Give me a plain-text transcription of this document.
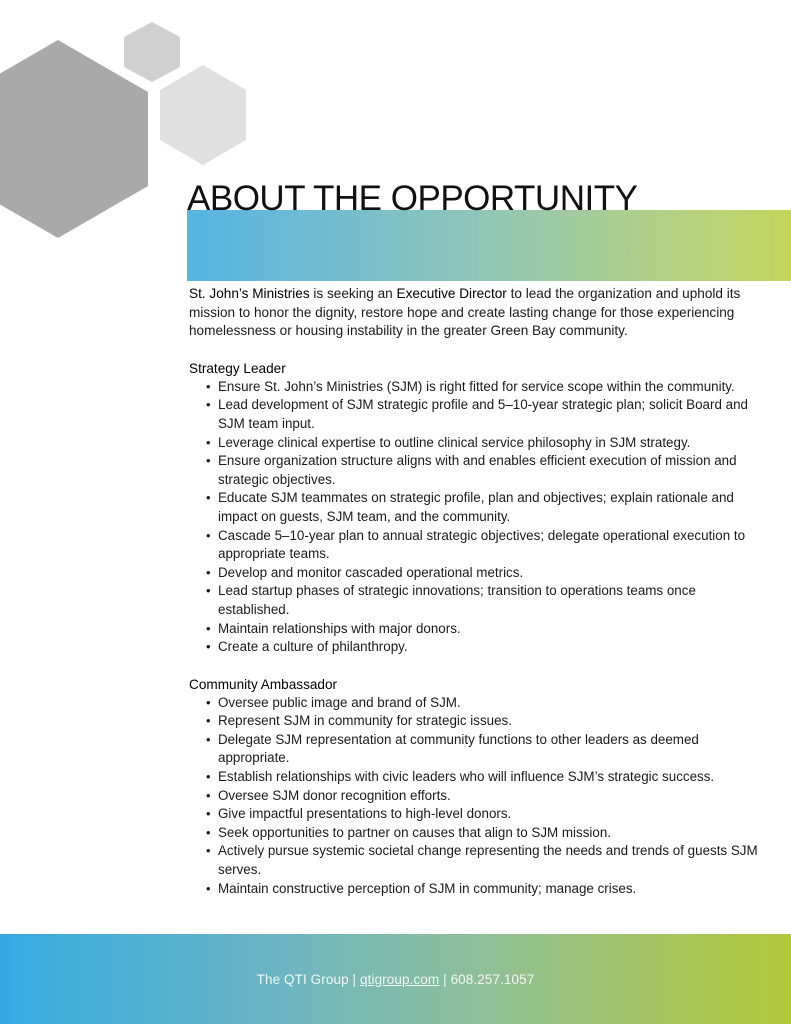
ABOUT THE OPPORTUNITY

St. John’s Ministries is seeking an Executive Director to lead the organization and uphold its mission to honor the dignity, restore hope and create lasting change for those experiencing homelessness or housing instability in the greater Green Bay community.

Strategy Leader
• Ensure St. John’s Ministries (SJM) is right fitted for service scope within the community.
• Lead development of SJM strategic profile and 5–10-year strategic plan; solicit Board and SJM team input.
• Leverage clinical expertise to outline clinical service philosophy in SJM strategy.
• Ensure organization structure aligns with and enables efficient execution of mission and strategic objectives.
• Educate SJM teammates on strategic profile, plan and objectives; explain rationale and impact on guests, SJM team, and the community.
• Cascade 5–10-year plan to annual strategic objectives; delegate operational execution to appropriate teams.
• Develop and monitor cascaded operational metrics.
• Lead startup phases of strategic innovations; transition to operations teams once established.
• Maintain relationships with major donors.
• Create a culture of philanthropy.
Community Ambassador
• Oversee public image and brand of SJM.
• Represent SJM in community for strategic issues.
• Delegate SJM representation at community functions to other leaders as deemed appropriate.
• Establish relationships with civic leaders who will influence SJM’s strategic success.
• Oversee SJM donor recognition efforts.
• Give impactful presentations to high-level donors.
• Seek opportunities to partner on causes that align to SJM mission.
• Actively pursue systemic societal change representing the needs and trends of guests SJM serves.
• Maintain constructive perception of SJM in community; manage crises.
The QTI Group | qtigroup.com | 608.257.1057
